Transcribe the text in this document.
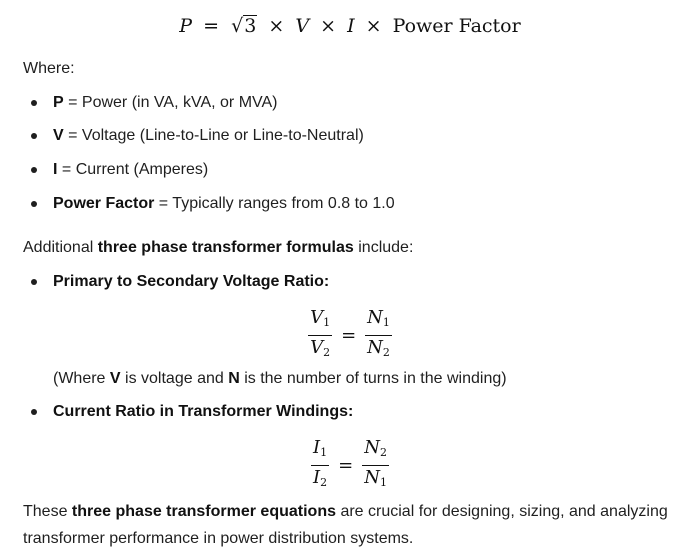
P = √3 × V × I × Power Factor
Where:
P = Power (in VA, kVA, or MVA)
V = Voltage (Line-to-Line or Line-to-Neutral)
I = Current (Amperes)
Power Factor = Typically ranges from 0.8 to 1.0
Additional three phase transformer formulas include:
Primary to Secondary Voltage Ratio:
$\frac{V_1}{V_2} = \frac{N_1}{N_2}$
(Where V is voltage and N is the number of turns in the winding)
Current Ratio in Transformer Windings:
$\frac{I_1}{I_2} = \frac{N_2}{N_1}$
These three phase transformer equations are crucial for designing, sizing, and analyzing
transformer performance in power distribution systems.
